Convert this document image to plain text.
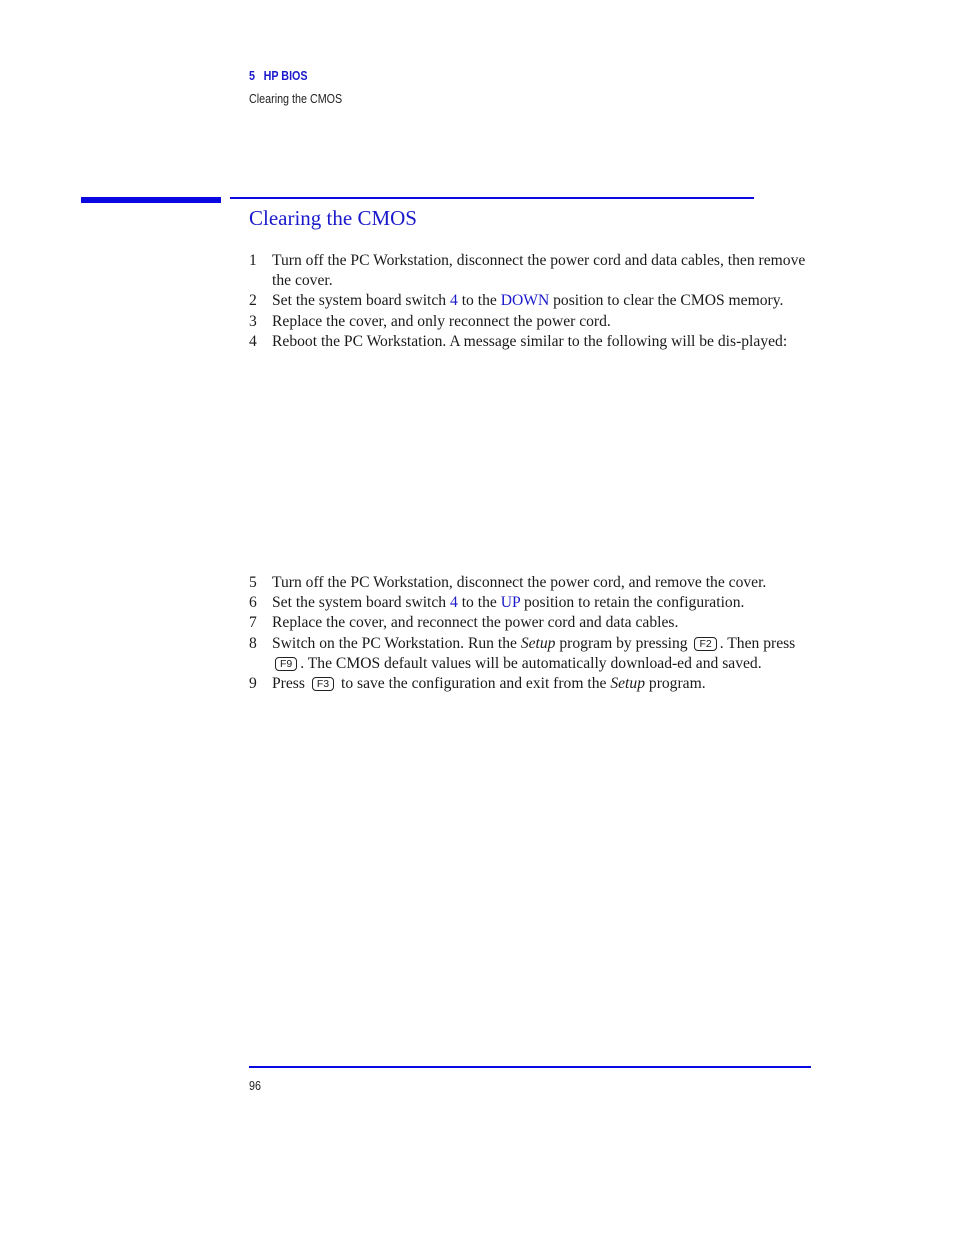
5 HP BIOS
Clearing the CMOS
Clearing the CMOS
1 Turn off the PC Workstation, disconnect the power cord and data cables, then remove the cover.
2 Set the system board switch 4 to the DOWN position to clear the CMOS memory.
3 Replace the cover, and only reconnect the power cord.
4 Reboot the PC Workstation. A message similar to the following will be dis-played:
5 Turn off the PC Workstation, disconnect the power cord, and remove the cover.
6 Set the system board switch 4 to the UP position to retain the configuration.
7 Replace the cover, and reconnect the power cord and data cables.
8 Switch on the PC Workstation. Run the Setup program by pressing F2 . Then press F9 . The CMOS default values will be automatically download-ed and saved.
9 Press F3 to save the configuration and exit from the Setup program.
96
